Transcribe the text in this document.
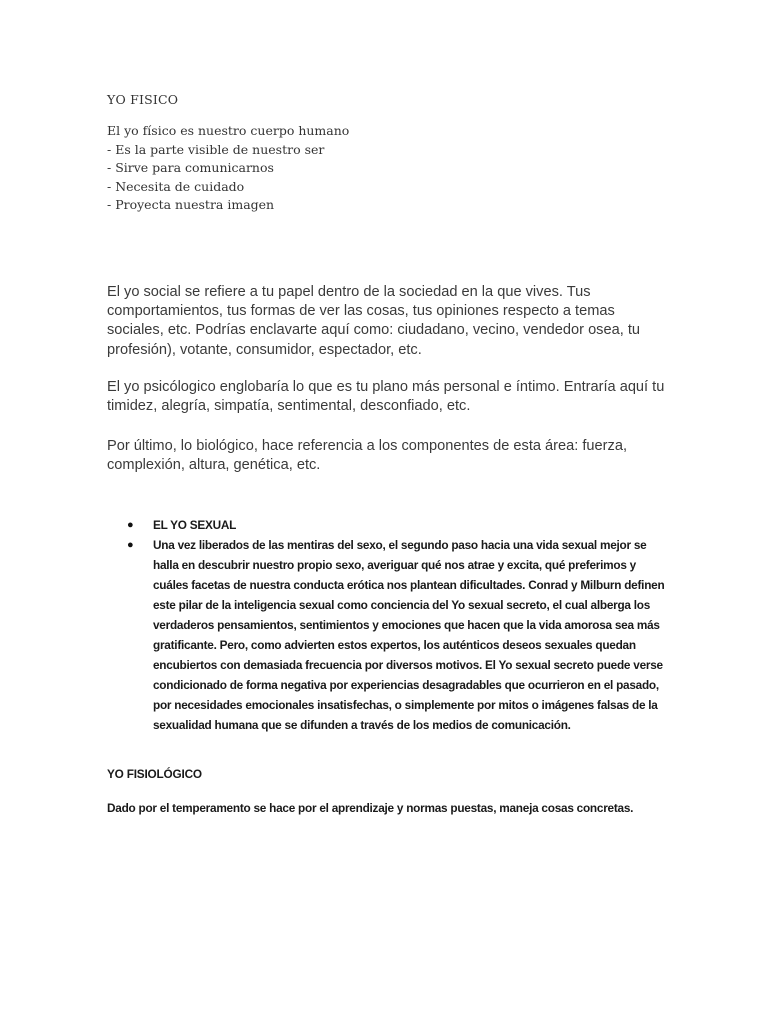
YO FISICO
El yo físico es nuestro cuerpo humano
- Es la parte visible de nuestro ser
- Sirve para comunicarnos
- Necesita de cuidado
- Proyecta nuestra imagen

El yo social se refiere a tu papel dentro de la sociedad en la que vives. Tus comportamientos, tus formas de ver las cosas, tus opiniones respecto a temas sociales, etc. Podrías enclavarte aquí como: ciudadano, vecino, vendedor osea, tu profesión), votante, consumidor, espectador, etc.

El yo psicólogico englobaría lo que es tu plano más personal e íntimo. Entraría aquí tu timidez, alegría, simpatía, sentimental, desconfiado, etc.

Por último, lo biológico, hace referencia a los componentes de esta área: fuerza, complexión, altura, genética, etc.

● EL YO SEXUAL
● Una vez liberados de las mentiras del sexo, el segundo paso hacia una vida sexual mejor se halla en descubrir nuestro propio sexo, averiguar qué nos atrae y excita, qué preferimos y cuáles facetas de nuestra conducta erótica nos plantean dificultades. Conrad y Milburn definen este pilar de la inteligencia sexual como conciencia del Yo sexual secreto, el cual alberga los verdaderos pensamientos, sentimientos y emociones que hacen que la vida amorosa sea más gratificante. Pero, como advierten estos expertos, los auténticos deseos sexuales quedan encubiertos con demasiada frecuencia por diversos motivos. El Yo sexual secreto puede verse condicionado de forma negativa por experiencias desagradables que ocurrieron en el pasado, por necesidades emocionales insatisfechas, o simplemente por mitos o imágenes falsas de la sexualidad humana que se difunden a través de los medios de comunicación.
YO FISIOLÓGICO
Dado por el temperamento se hace por el aprendizaje y normas puestas, maneja cosas concretas.
